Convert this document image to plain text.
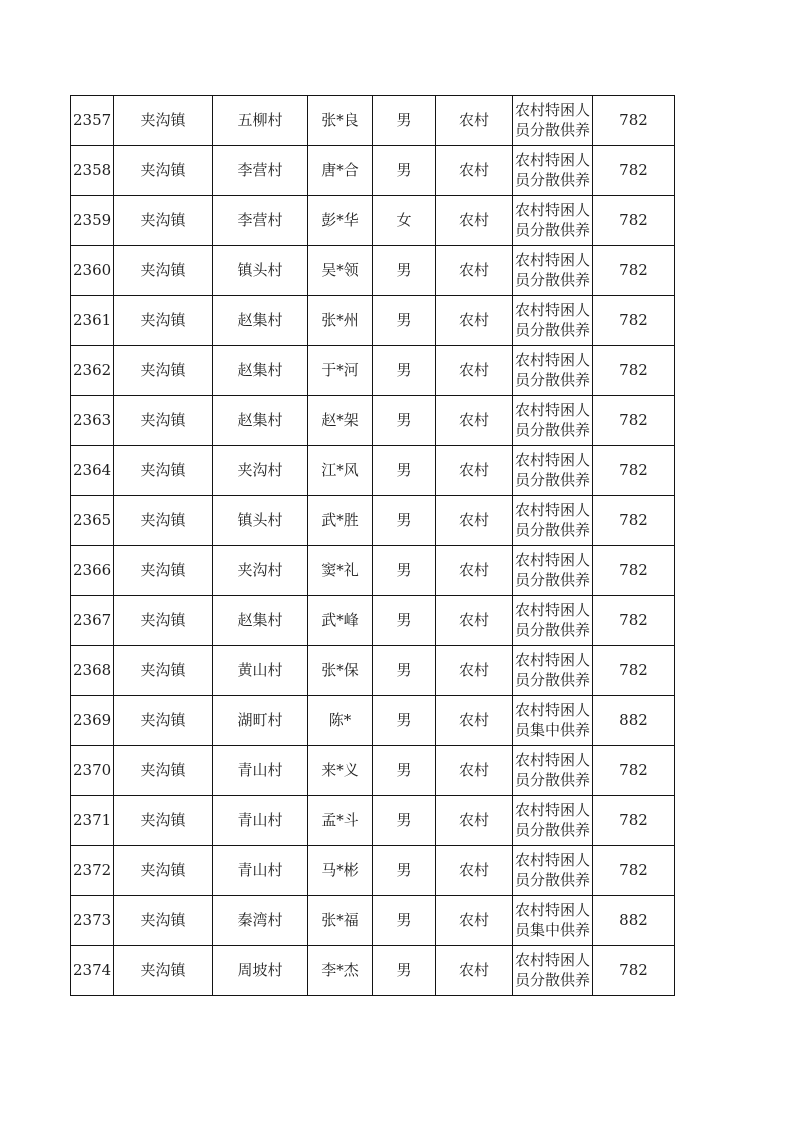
2357	夹沟镇	五柳村	张*良	男	农村	农村特困人员分散供养	782
2358	夹沟镇	李营村	唐*合	男	农村	农村特困人员分散供养	782
2359	夹沟镇	李营村	彭*华	女	农村	农村特困人员分散供养	782
2360	夹沟镇	镇头村	吴*领	男	农村	农村特困人员分散供养	782
2361	夹沟镇	赵集村	张*州	男	农村	农村特困人员分散供养	782
2362	夹沟镇	赵集村	于*河	男	农村	农村特困人员分散供养	782
2363	夹沟镇	赵集村	赵*架	男	农村	农村特困人员分散供养	782
2364	夹沟镇	夹沟村	江*风	男	农村	农村特困人员分散供养	782
2365	夹沟镇	镇头村	武*胜	男	农村	农村特困人员分散供养	782
2366	夹沟镇	夹沟村	窦*礼	男	农村	农村特困人员分散供养	782
2367	夹沟镇	赵集村	武*峰	男	农村	农村特困人员分散供养	782
2368	夹沟镇	黄山村	张*保	男	农村	农村特困人员分散供养	782
2369	夹沟镇	湖町村	陈*	男	农村	农村特困人员集中供养	882
2370	夹沟镇	青山村	来*义	男	农村	农村特困人员分散供养	782
2371	夹沟镇	青山村	孟*斗	男	农村	农村特困人员分散供养	782
2372	夹沟镇	青山村	马*彬	男	农村	农村特困人员分散供养	782
2373	夹沟镇	秦湾村	张*福	男	农村	农村特困人员集中供养	882
2374	夹沟镇	周坡村	李*杰	男	农村	农村特困人员分散供养	782
